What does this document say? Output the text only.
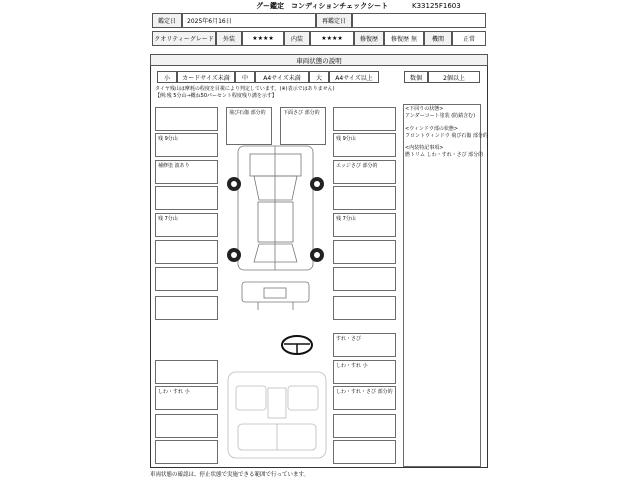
グー鑑定　コンディションチェックシート	K33125F1603
鑑定日	2025年6月16日	再鑑定日
クオリティーグレード	外装	★★★★	内装	★★★★	修復歴	修復歴 無	機関	正常
車両状態の説明
小	カードサイズ未満	中	A4サイズ未満	大	A4サイズ以上	数個	2個以上
タイヤ残山は摩耗の程度を目視により判定しています。(※)表示ではありません)
【例:残 5分山→概ね50パーセント程度残り溝を示す】
残 9分山
補修塗 波あり
残 7分山
飛び石傷 部分的	下面さび 部分的
残 9分山
エッジさび 部分的
残 7分山
<下回りの状態>
アンダーコート塗装 (防錆含む)
<ウィンドウ部の状態>
フロントウィンドウ 飛び石傷 部分的
<内装特記事項>
燃トリム しわ・すれ・さび 部分的
すれ・さび
しわ・すれ 小
しわ・すれ・さび 部分的
しわ・すれ 小
車両状態の確認は、停止状態で実施できる範囲で行っています。
